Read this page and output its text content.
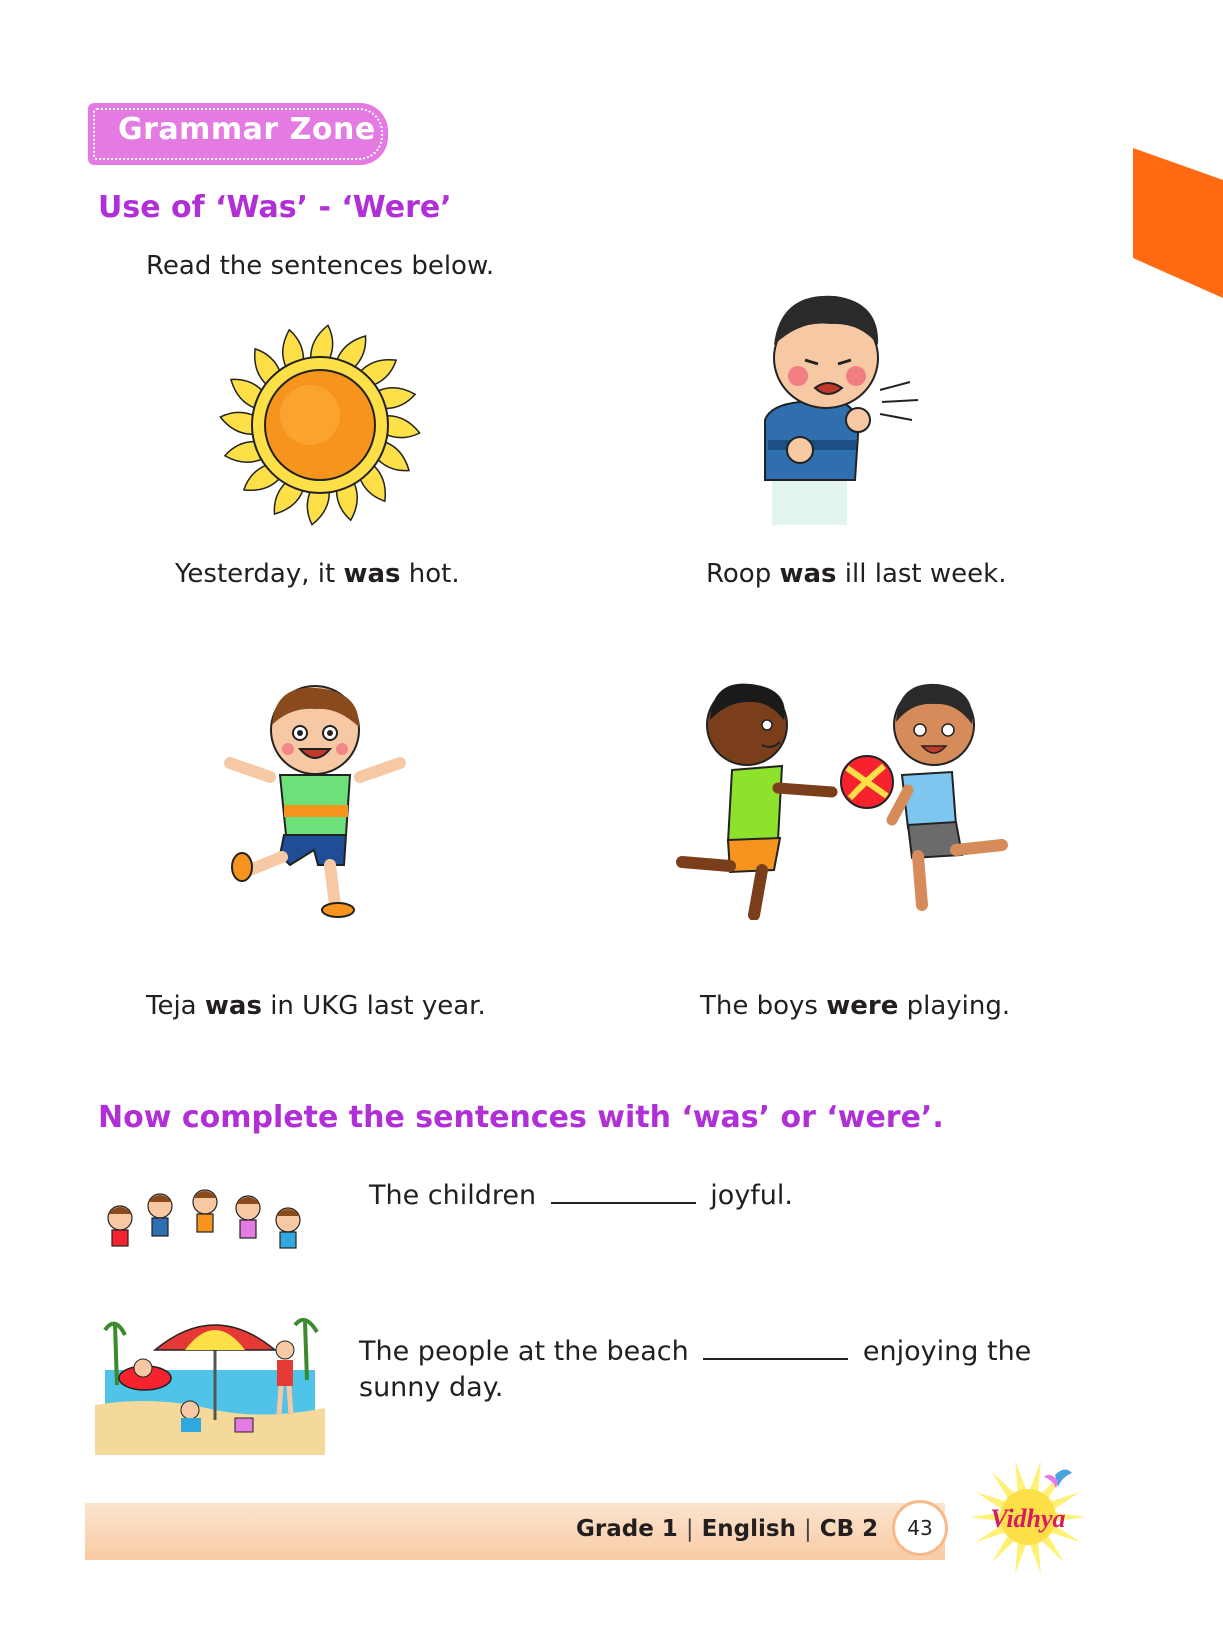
Grammar Zone
Use of ‘Was’ - ‘Were’
Read the sentences below.
Yesterday, it was hot.	Roop was ill last week.
Teja was in UKG last year.	The boys were playing.
Now complete the sentences with ‘was’ or ‘were’.
The children	joyful.
The people at the beach	enjoying the
sunny day.
Grade 1 | English | CB 2	43	Vidhya
